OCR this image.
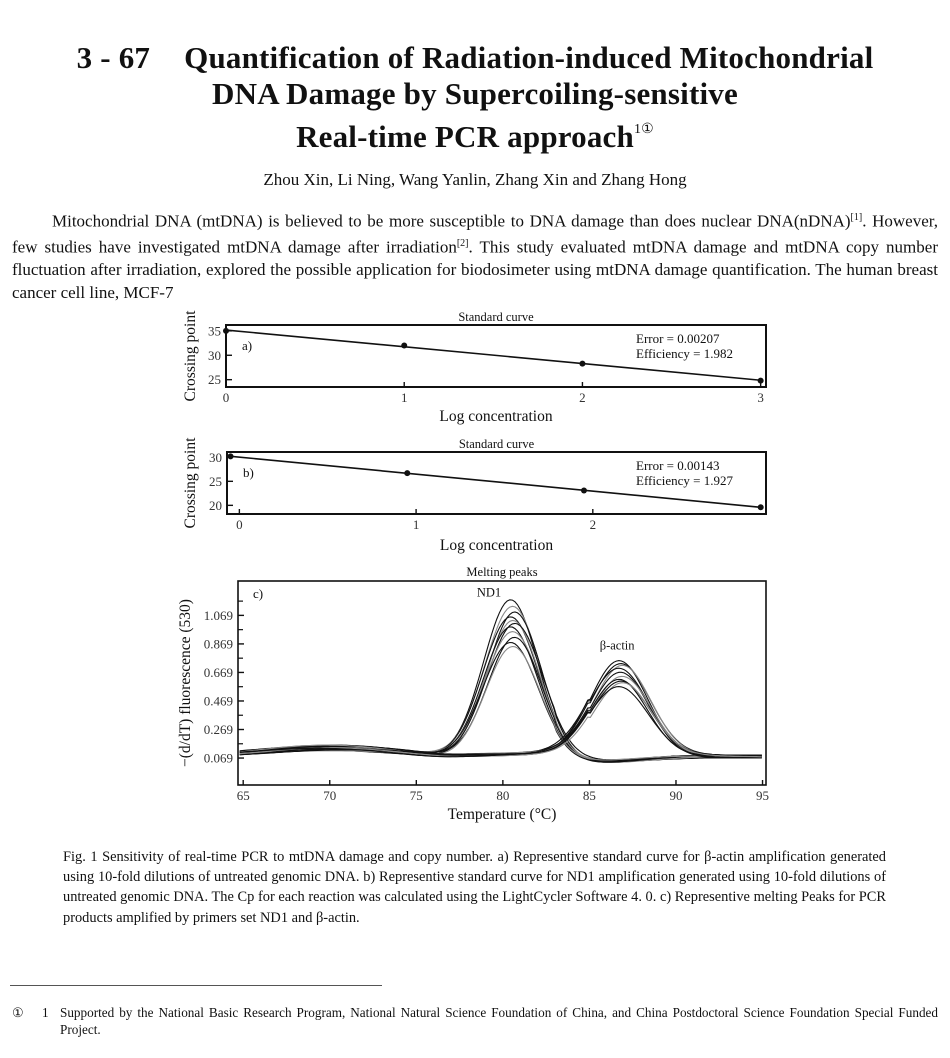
3 - 67 Quantification of Radiation-induced Mitochondrial
DNA Damage by Supercoiling-sensitive
Real-time PCR approach$^{1①}$
Zhou Xin, Li Ning, Wang Yanlin, Zhang Xin and Zhang Hong
Mitochondrial DNA (mtDNA) is believed to be more susceptible to DNA damage than does nuclear DNA(nDNA)[1]. However, few studies have investigated mtDNA damage after irradiation[2]. This study evaluated mtDNA damage and mtDNA copy number fluctuation after irradiation, explored the possible application for biodosimeter using mtDNA damage quantification. The human breast cancer cell line, MCF-7
Standard curve
a)
0	1	2	3
25
30
35
Log concentration
Crossing point	Error = 0.00207
Efficiency = 1.982
Standard curve
b)
0	1	2
20
25
30
Log concentration
Crossing point	Error = 0.00143
Efficiency = 1.927
Melting peaks
c)
65	70	75	80	85	90	95
0.069
0.269
0.469
0.669
0.869
1.069
Temperature (°C)
−(d/dT) fluorescence (530)
ND1
β-actin
Fig. 1 Sensitivity of real-time PCR to mtDNA damage and copy number. a) Representive standard curve for β-actin amplification generated using 10-fold dilutions of untreated genomic DNA. b) Representive standard curve for ND1 amplification generated using 10-fold dilutions of untreated genomic DNA. The Cp for each reaction was calculated using the LightCycler Software 4. 0. c) Representive melting Peaks for PCR products amplified by primers set ND1 and β-actin.
① 1 Supported by the National Basic Research Program, National Natural Science Foundation of China, and China Postdoctoral Science Foundation Special Funded Project.
